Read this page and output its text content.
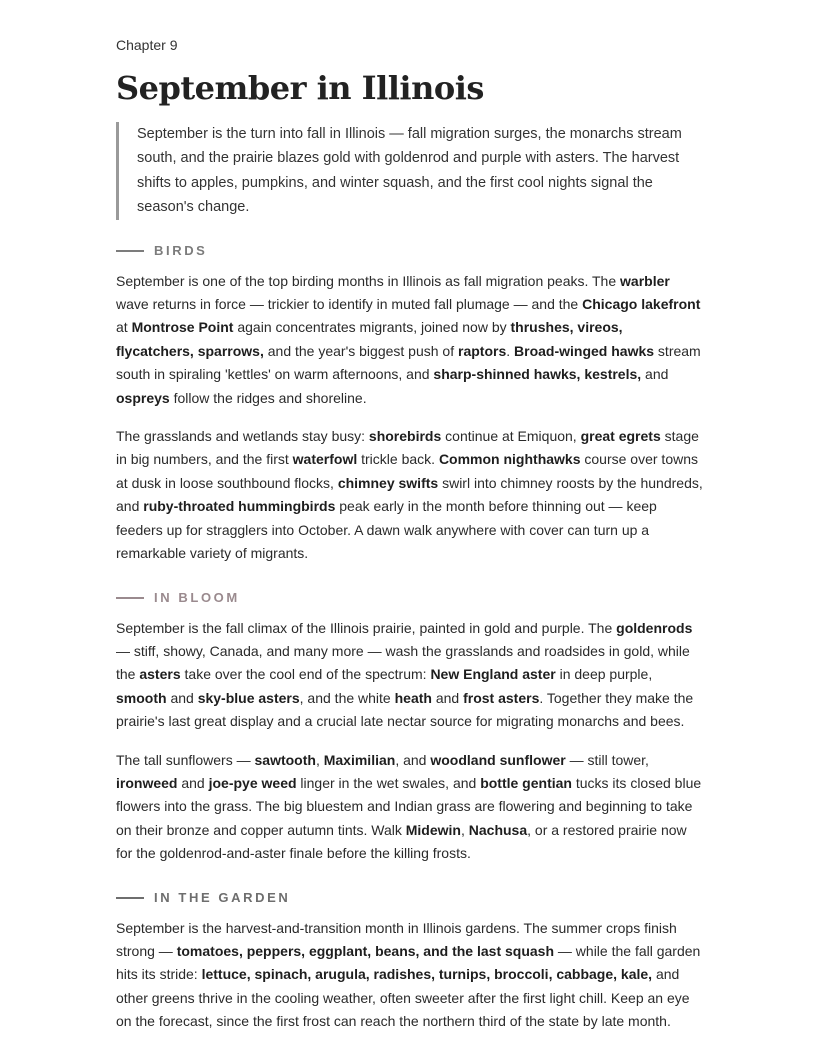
Chapter 9
September in Illinois
September is the turn into fall in Illinois — fall migration surges, the monarchs stream south, and the prairie blazes gold with goldenrod and purple with asters. The harvest shifts to apples, pumpkins, and winter squash, and the first cool nights signal the season's change.
BIRDS

September is one of the top birding months in Illinois as fall migration peaks. The warbler wave returns in force — trickier to identify in muted fall plumage — and the Chicago lakefront at Montrose Point again concentrates migrants, joined now by thrushes, vireos, flycatchers, sparrows, and the year's biggest push of raptors. Broad-winged hawks stream south in spiraling 'kettles' on warm afternoons, and sharp-shinned hawks, kestrels, and ospreys follow the ridges and shoreline.

The grasslands and wetlands stay busy: shorebirds continue at Emiquon, great egrets stage in big numbers, and the first waterfowl trickle back. Common nighthawks course over towns at dusk in loose southbound flocks, chimney swifts swirl into chimney roosts by the hundreds, and ruby-throated hummingbirds peak early in the month before thinning out — keep feeders up for stragglers into October. A dawn walk anywhere with cover can turn up a remarkable variety of migrants.

IN BLOOM

September is the fall climax of the Illinois prairie, painted in gold and purple. The goldenrods — stiff, showy, Canada, and many more — wash the grasslands and roadsides in gold, while the asters take over the cool end of the spectrum: New England aster in deep purple, smooth and sky-blue asters, and the white heath and frost asters. Together they make the prairie's last great display and a crucial late nectar source for migrating monarchs and bees.

The tall sunflowers — sawtooth, Maximilian, and woodland sunflower — still tower, ironweed and joe-pye weed linger in the wet swales, and bottle gentian tucks its closed blue flowers into the grass. The big bluestem and Indian grass are flowering and beginning to take on their bronze and copper autumn tints. Walk Midewin, Nachusa, or a restored prairie now for the goldenrod-and-aster finale before the killing frosts.

IN THE GARDEN

September is the harvest-and-transition month in Illinois gardens. The summer crops finish strong — tomatoes, peppers, eggplant, beans, and the last squash — while the fall garden hits its stride: lettuce, spinach, arugula, radishes, turnips, broccoli, cabbage, kale, and other greens thrive in the cooling weather, often sweeter after the first light chill. Keep an eye on the forecast, since the first frost can reach the northern third of the state by late month.
